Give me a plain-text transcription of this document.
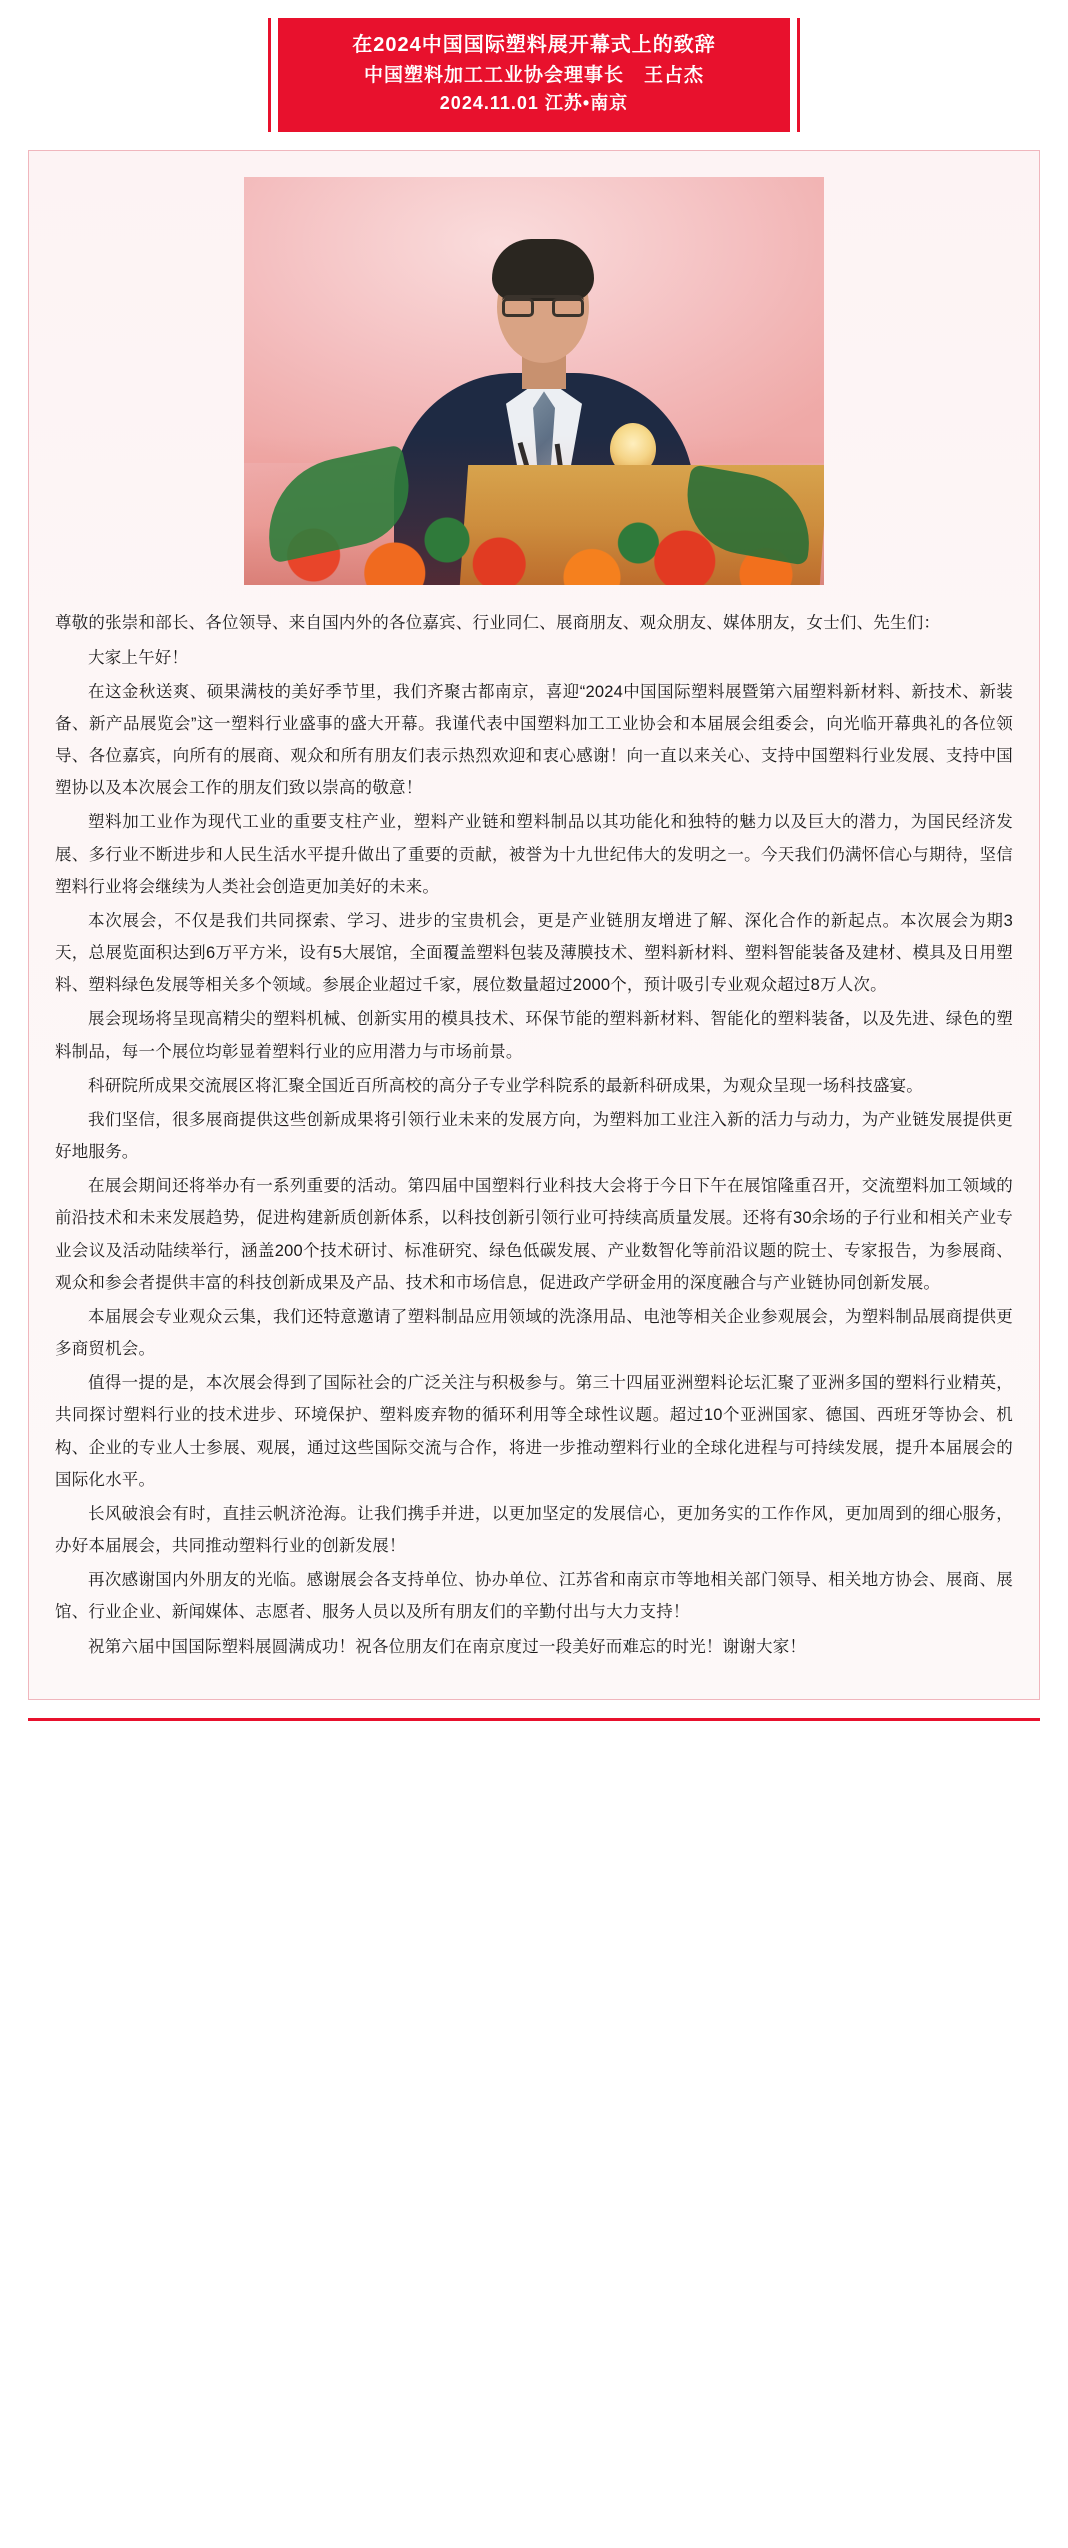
在2024中国国际塑料展开幕式上的致辞
中国塑料加工工业协会理事长　王占杰
2024.11.01 江苏•南京

尊敬的张崇和部长、各位领导、来自国内外的各位嘉宾、行业同仁、展商朋友、观众朋友、媒体朋友，女士们、先生们：

大家上午好！

在这金秋送爽、硕果满枝的美好季节里，我们齐聚古都南京，喜迎“2024中国国际塑料展暨第六届塑料新材料、新技术、新装备、新产品展览会”这一塑料行业盛事的盛大开幕。我谨代表中国塑料加工工业协会和本届展会组委会，向光临开幕典礼的各位领导、各位嘉宾，向所有的展商、观众和所有朋友们表示热烈欢迎和衷心感谢！向一直以来关心、支持中国塑料行业发展、支持中国塑协以及本次展会工作的朋友们致以崇高的敬意！

塑料加工业作为现代工业的重要支柱产业，塑料产业链和塑料制品以其功能化和独特的魅力以及巨大的潜力，为国民经济发展、多行业不断进步和人民生活水平提升做出了重要的贡献，被誉为十九世纪伟大的发明之一。今天我们仍满怀信心与期待，坚信塑料行业将会继续为人类社会创造更加美好的未来。

本次展会，不仅是我们共同探索、学习、进步的宝贵机会，更是产业链朋友增进了解、深化合作的新起点。本次展会为期3天，总展览面积达到6万平方米，设有5大展馆，全面覆盖塑料包装及薄膜技术、塑料新材料、塑料智能装备及建材、模具及日用塑料、塑料绿色发展等相关多个领域。参展企业超过千家，展位数量超过2000个，预计吸引专业观众超过8万人次。

展会现场将呈现高精尖的塑料机械、创新实用的模具技术、环保节能的塑料新材料、智能化的塑料装备，以及先进、绿色的塑料制品，每一个展位均彰显着塑料行业的应用潜力与市场前景。

科研院所成果交流展区将汇聚全国近百所高校的高分子专业学科院系的最新科研成果，为观众呈现一场科技盛宴。

我们坚信，很多展商提供这些创新成果将引领行业未来的发展方向，为塑料加工业注入新的活力与动力，为产业链发展提供更好地服务。

在展会期间还将举办有一系列重要的活动。第四届中国塑料行业科技大会将于今日下午在展馆隆重召开，交流塑料加工领域的前沿技术和未来发展趋势，促进构建新质创新体系，以科技创新引领行业可持续高质量发展。还将有30余场的子行业和相关产业专业会议及活动陆续举行，涵盖200个技术研讨、标准研究、绿色低碳发展、产业数智化等前沿议题的院士、专家报告，为参展商、观众和参会者提供丰富的科技创新成果及产品、技术和市场信息，促进政产学研金用的深度融合与产业链协同创新发展。

本届展会专业观众云集，我们还特意邀请了塑料制品应用领域的洗涤用品、电池等相关企业参观展会，为塑料制品展商提供更多商贸机会。

值得一提的是，本次展会得到了国际社会的广泛关注与积极参与。第三十四届亚洲塑料论坛汇聚了亚洲多国的塑料行业精英，共同探讨塑料行业的技术进步、环境保护、塑料废弃物的循环利用等全球性议题。超过10个亚洲国家、德国、西班牙等协会、机构、企业的专业人士参展、观展，通过这些国际交流与合作，将进一步推动塑料行业的全球化进程与可持续发展，提升本届展会的国际化水平。

长风破浪会有时，直挂云帆济沧海。让我们携手并进，以更加坚定的发展信心，更加务实的工作作风，更加周到的细心服务，办好本届展会，共同推动塑料行业的创新发展！

再次感谢国内外朋友的光临。感谢展会各支持单位、协办单位、江苏省和南京市等地相关部门领导、相关地方协会、展商、展馆、行业企业、新闻媒体、志愿者、服务人员以及所有朋友们的辛勤付出与大力支持！

祝第六届中国国际塑料展圆满成功！祝各位朋友们在南京度过一段美好而难忘的时光！谢谢大家！
